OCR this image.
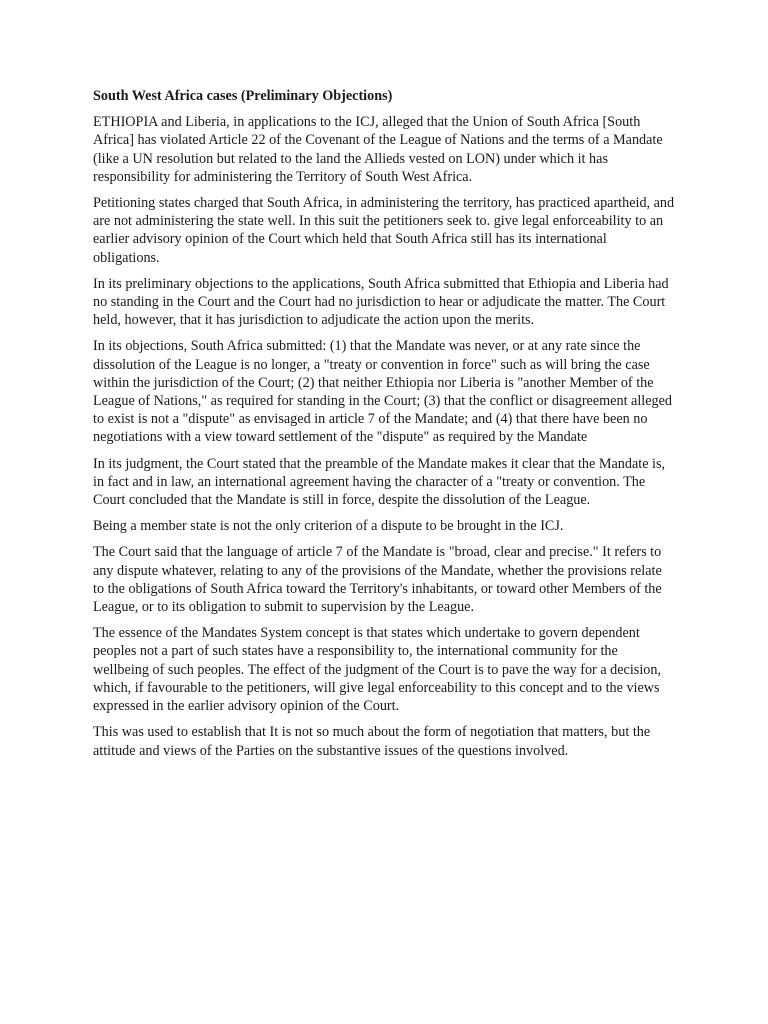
South West Africa cases (Preliminary Objections)

ETHIOPIA and Liberia, in applications to the ICJ, alleged that the Union of South Africa [South Africa] has violated Article 22 of the Covenant of the League of Nations and the terms of a Mandate (like a UN resolution but related to the land the Allieds vested on LON) under which it has responsibility for administering the Territory of South West Africa.

Petitioning states charged that South Africa, in administering the territory, has practiced apartheid, and are not administering the state well. In this suit the petitioners seek to. give legal enforceability to an earlier advisory opinion of the Court which held that South Africa still has its international obligations.

In its preliminary objections to the applications, South Africa submitted that Ethiopia and Liberia had no standing in the Court and the Court had no jurisdiction to hear or adjudicate the matter. The Court held, however, that it has jurisdiction to adjudicate the action upon the merits.

In its objections, South Africa submitted: (1) that the Mandate was never, or at any rate since the dissolution of the League is no longer, a "treaty or convention in force" such as will bring the case within the jurisdiction of the Court; (2) that neither Ethiopia nor Liberia is "another Member of the League of Nations," as required for standing in the Court; (3) that the conflict or disagreement alleged to exist is not a "dispute" as envisaged in article 7 of the Mandate; and (4) that there have been no negotiations with a view toward settlement of the "dispute" as required by the Mandate

In its judgment, the Court stated that the preamble of the Mandate makes it clear that the Mandate is, in fact and in law, an international agreement having the character of a "treaty or convention. The Court concluded that the Mandate is still in force, despite the dissolution of the League.

Being a member state is not the only criterion of a dispute to be brought in the ICJ.

The Court said that the language of article 7 of the Mandate is "broad, clear and precise." It refers to any dispute whatever, relating to any of the provisions of the Mandate, whether the provisions relate to the obligations of South Africa toward the Territory's inhabitants, or toward other Members of the League, or to its obligation to submit to supervision by the League.

The essence of the Mandates System concept is that states which undertake to govern dependent peoples not a part of such states have a responsibility to, the international community for the wellbeing of such peoples. The effect of the judgment of the Court is to pave the way for a decision, which, if favourable to the petitioners, will give legal enforceability to this concept and to the views expressed in the earlier advisory opinion of the Court.

This was used to establish that It is not so much about the form of negotiation that matters, but the attitude and views of the Parties on the substantive issues of the questions involved.
